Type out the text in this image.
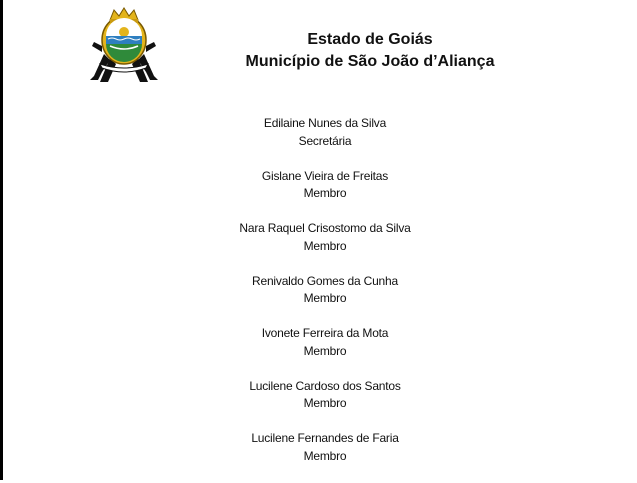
Estado de Goiás
Município de São João d’Aliança
Edilaine Nunes da Silva
Secretária
Gislane Vieira de Freitas
Membro
Nara Raquel Crisostomo da Silva
Membro
Renivaldo Gomes da Cunha
Membro
Ivonete Ferreira da Mota
Membro
Lucilene Cardoso dos Santos
Membro
Lucilene Fernandes de Faria
Membro
